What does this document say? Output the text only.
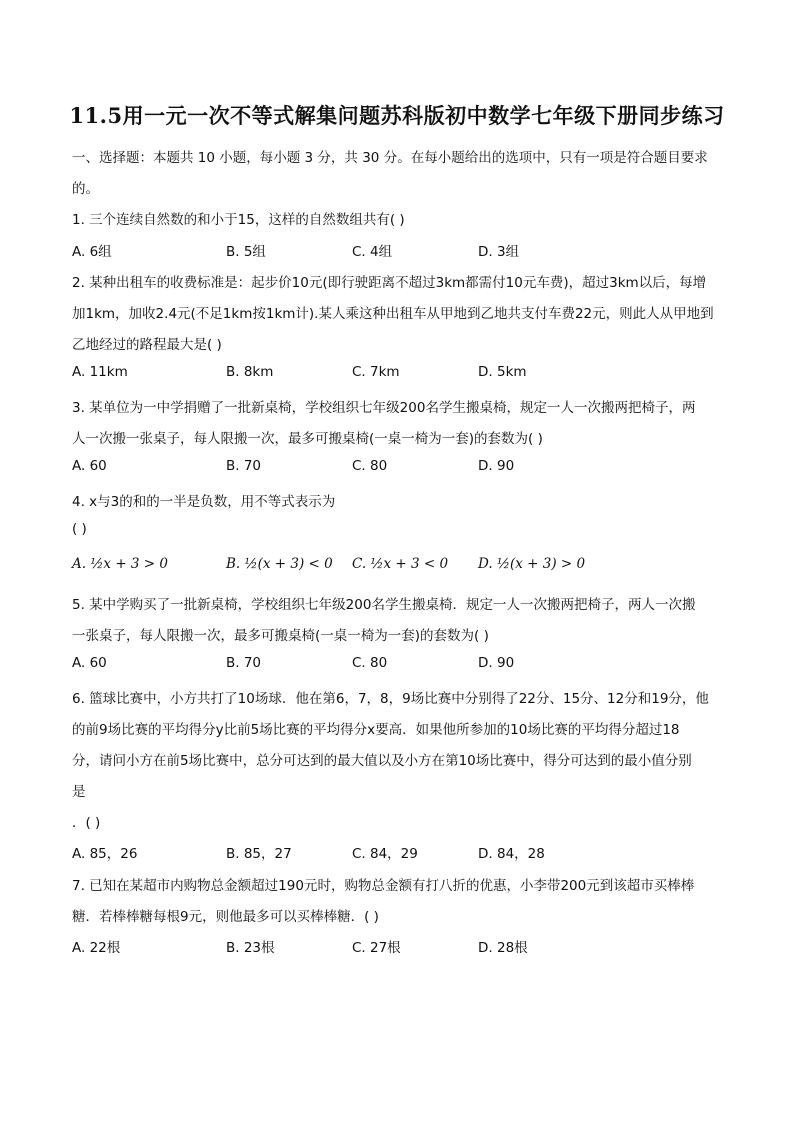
11.5用一元一次不等式解集问题苏科版初中数学七年级下册同步练习
一、选择题：本题共 10 小题，每小题 3 分，共 30 分。在每小题给出的选项中，只有一项是符合题目要求
的。
1. 三个连续自然数的和小于15，这样的自然数组共有( )
A. 6组	B. 5组	C. 4组	D. 3组
2. 某种出租车的收费标准是：起步价10元(即行驶距离不超过3km都需付10元车费)，超过3km以后，每增
加1km，加收2.4元(不足1km按1km计).某人乘这种出租车从甲地到乙地共支付车费22元，则此人从甲地到
乙地经过的路程最大是( )
A. 11km	B. 8km	C. 7km	D. 5km
3. 某单位为一中学捐赠了一批新桌椅，学校组织七年级200名学生搬桌椅，规定一人一次搬两把椅子，两
人一次搬一张桌子，每人限搬一次，最多可搬桌椅(一桌一椅为一套)的套数为( )
A. 60	B. 70	C. 80	D. 90
4. x与3的和的一半是负数，用不等式表示为
( )
A. ½x + 3 > 0	B. ½(x + 3) < 0 C. ½x + 3 < 0 D. ½(x + 3) > 0
5. 某中学购买了一批新桌椅，学校组织七年级200名学生搬桌椅．规定一人一次搬两把椅子，两人一次搬
一张桌子，每人限搬一次，最多可搬桌椅(一桌一椅为一套)的套数为( )
A. 60	B. 70	C. 80	D. 90
6. 篮球比赛中，小方共打了10场球．他在第6，7，8，9场比赛中分别得了22分、15分、12分和19分，他
的前9场比赛的平均得分y比前5场比赛的平均得分x要高．如果他所参加的10场比赛的平均得分超过18
分，请问小方在前5场比赛中，总分可达到的最大值以及小方在第10场比赛中，得分可达到的最小值分别
是
．( )
A. 85，26	B. 85，27	C. 84，29	D. 84，28
7. 已知在某超市内购物总金额超过190元时，购物总金额有打八折的优惠，小李带200元到该超市买棒棒
糖．若棒棒糖每根9元，则他最多可以买棒棒糖．( )
A. 22根	B. 23根	C. 27根	D. 28根
